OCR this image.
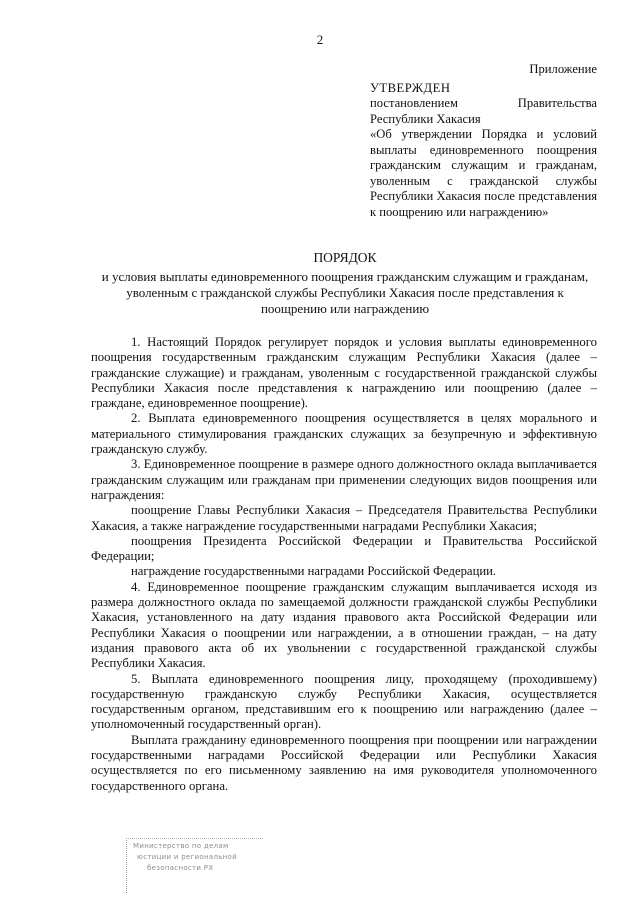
2
Приложение
УТВЕРЖДЕН
постановлением Правительства Республики Хакасия
«Об утверждении Порядка и условий выплаты единовременного поощрения гражданским служащим и гражданам, уволенным с гражданской службы Республики Хакасия после представления к поощрению или награждению»
ПОРЯДОК
и условия выплаты единовременного поощрения гражданским служащим и гражданам, уволенным с гражданской службы Республики Хакасия после представления к поощрению или награждению

1. Настоящий Порядок регулирует порядок и условия выплаты единовременного поощрения государственным гражданским служащим Республики Хакасия (далее – гражданские служащие) и гражданам, уволенным с государственной гражданской службы Республики Хакасия после представления к награждению или поощрению (далее – граждане, единовременное поощрение).

2. Выплата единовременного поощрения осуществляется в целях морального и материального стимулирования гражданских служащих за безупречную и эффективную гражданскую службу.

3. Единовременное поощрение в размере одного должностного оклада выплачивается гражданским служащим или гражданам при применении следующих видов поощрения или награждения:

поощрение Главы Республики Хакасия – Председателя Правительства Республики Хакасия, а также награждение государственными наградами Республики Хакасия;

поощрения Президента Российской Федерации и Правительства Российской Федерации;

награждение государственными наградами Российской Федерации.

4. Единовременное поощрение гражданским служащим выплачивается исходя из размера должностного оклада по замещаемой должности гражданской службы Республики Хакасия, установленного на дату издания правового акта Российской Федерации или Республики Хакасия о поощрении или награждении, а в отношении граждан, – на дату издания правового акта об их увольнении с государственной гражданской службы Республики Хакасия.

5. Выплата единовременного поощрения лицу, проходящему (проходившему) государственную гражданскую службу Республики Хакасия, осуществляется государственным органом, представившим его к поощрению или награждению (далее – уполномоченный государственный орган).

Выплата гражданину единовременного поощрения при поощрении или награждении государственными наградами Российской Федерации или Республики Хакасия осуществляется по его письменному заявлению на имя руководителя уполномоченного государственного органа.

Министерство по делам
юстиции и региональной
безопасности РХ
